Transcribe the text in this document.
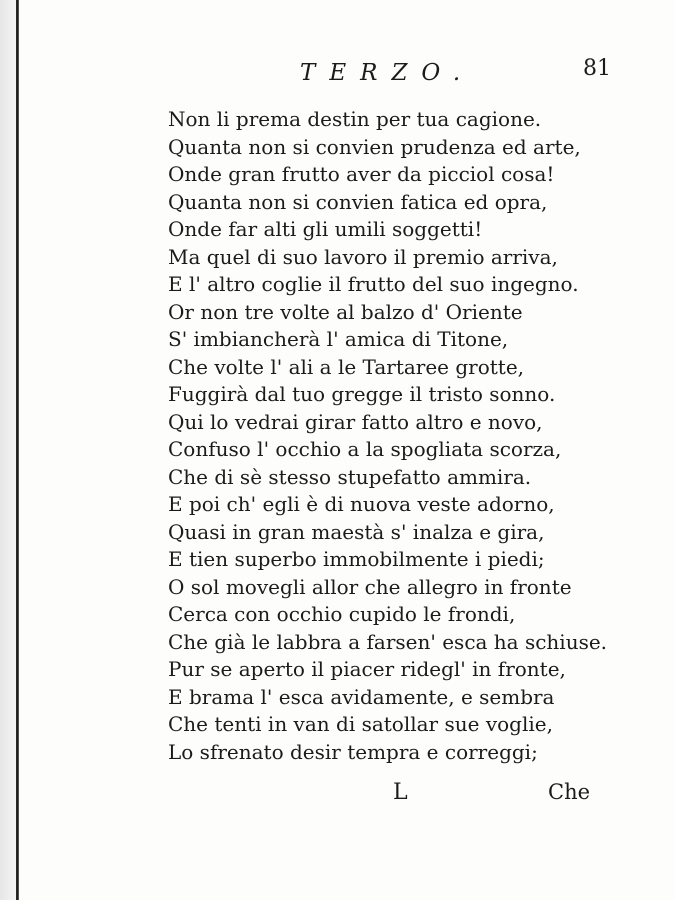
TERZO.	81
Non li prema destin per tua cagione.
Quanta non si convien prudenza ed arte,
Onde gran frutto aver da picciol cosa!
Quanta non si convien fatica ed opra,
Onde far alti gli umili soggetti!
Ma quel di suo lavoro il premio arriva,
E l' altro coglie il frutto del suo ingegno.
Or non tre volte al balzo d' Oriente
S' imbiancherà l' amica di Titone,
Che volte l' ali a le Tartaree grotte,
Fuggirà dal tuo gregge il tristo sonno.
Qui lo vedrai girar fatto altro e novo,
Confuso l' occhio a la spogliata scorza,
Che di sè stesso stupefatto ammira.
E poi ch' egli è di nuova veste adorno,
Quasi in gran maestà s' inalza e gira,
E tien superbo immobilmente i piedi;
O sol movegli allor che allegro in fronte
Cerca con occhio cupido le frondi,
Che già le labbra a farsen' esca ha schiuse.
Pur se aperto il piacer ridegl' in fronte,
E brama l' esca avidamente, e sembra
Che tenti in van di satollar sue voglie,
Lo sfrenato desir tempra e correggi;
L	Che
